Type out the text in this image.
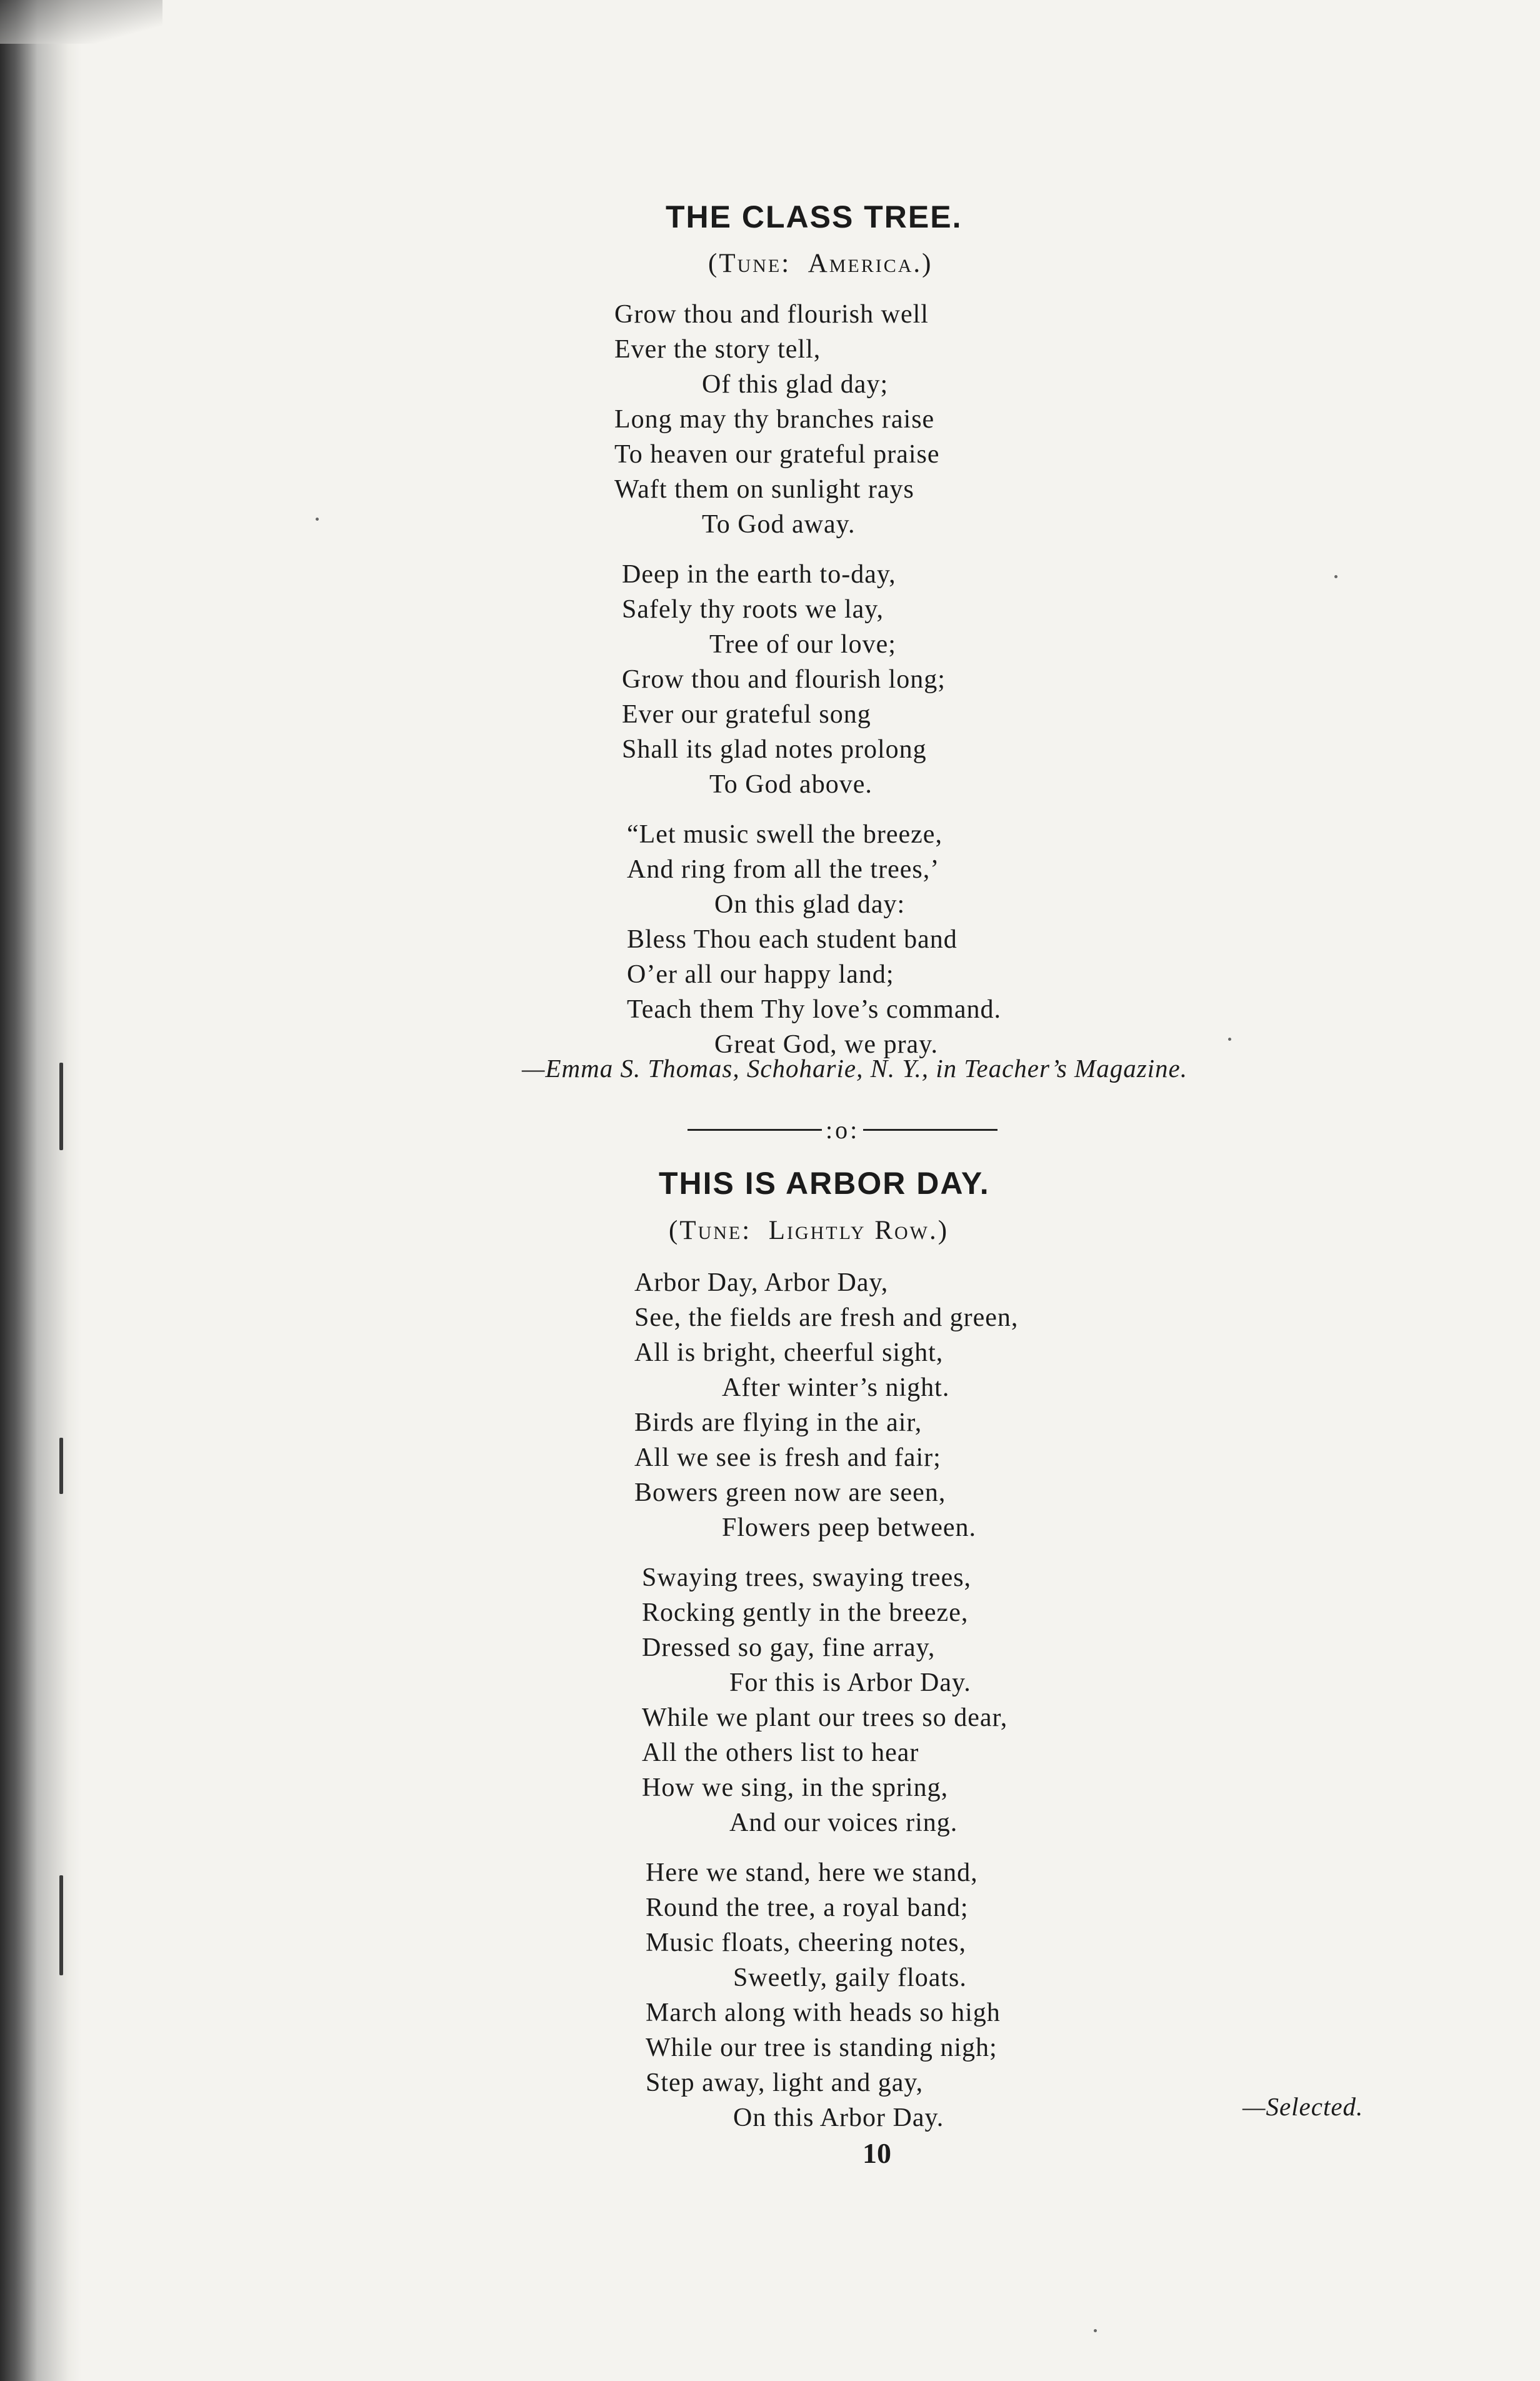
THE CLASS TREE.
(Tune: America.)
Grow thou and flourish well
Ever the story tell,
Of this glad day;
Long may thy branches raise
To heaven our grateful praise
Waft them on sunlight rays
To God away.
Deep in the earth to-day,
Safely thy roots we lay,
Tree of our love;
Grow thou and flourish long;
Ever our grateful song
Shall its glad notes prolong
To God above.
“Let music swell the breeze,
And ring from all the trees,’
On this glad day:
Bless Thou each student band
O’er all our happy land;
Teach them Thy love’s command.
Great God, we pray.
—Emma S. Thomas, Schoharie, N. Y., in Teacher’s Magazine.
:o:
THIS IS ARBOR DAY.
(Tune: Lightly Row.)
Arbor Day, Arbor Day,
See, the fields are fresh and green,
All is bright, cheerful sight,
After winter’s night.
Birds are flying in the air,
All we see is fresh and fair;
Bowers green now are seen,
Flowers peep between.
Swaying trees, swaying trees,
Rocking gently in the breeze,
Dressed so gay, fine array,
For this is Arbor Day.
While we plant our trees so dear,
All the others list to hear
How we sing, in the spring,
And our voices ring.
Here we stand, here we stand,
Round the tree, a royal band;
Music floats, cheering notes,
Sweetly, gaily floats.
March along with heads so high
While our tree is standing nigh;
Step away, light and gay,
On this Arbor Day.	—Selected.
10
